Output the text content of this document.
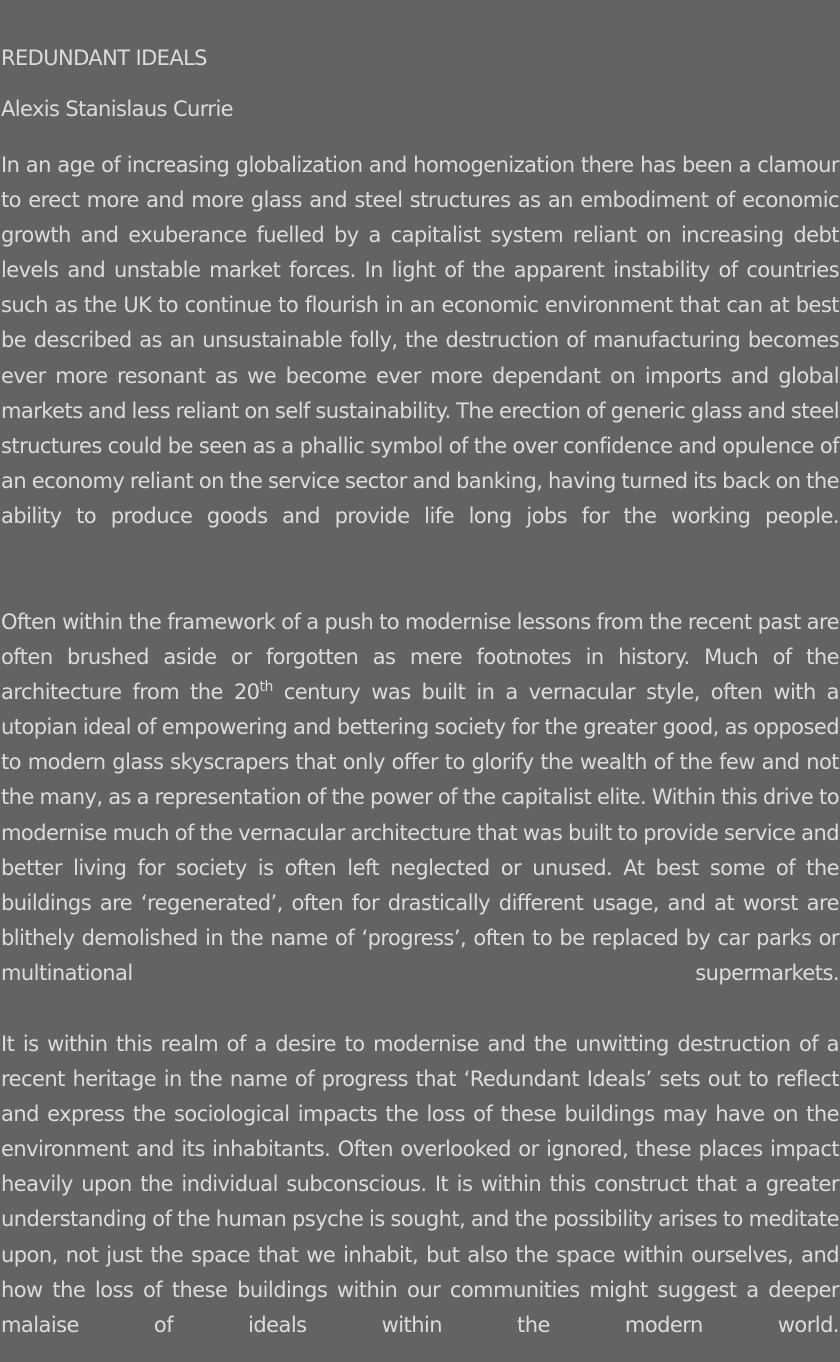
REDUNDANT IDEALS
Alexis Stanislaus Currie

In an age of increasing globalization and homogenization there has been a clamour to erect more and more glass and steel structures as an embodiment of economic growth and exuberance fuelled by a capitalist system reliant on increasing debt levels and unstable market forces. In light of the apparent instability of countries such as the UK to continue to flourish in an economic environment that can at best be described as an unsustainable folly, the destruction of manufacturing becomes ever more resonant as we become ever more dependant on imports and global markets and less reliant on self sustainability. The erection of generic glass and steel structures could be seen as a phallic symbol of the over confidence and opulence of an economy reliant on the service sector and banking, having turned its back on the ability to produce goods and provide life long jobs for the working people.

Often within the framework of a push to modernise lessons from the recent past are often brushed aside or forgotten as mere footnotes in history. Much of the architecture from the 20th century was built in a vernacular style, often with a utopian ideal of empowering and bettering society for the greater good, as opposed to modern glass skyscrapers that only offer to glorify the wealth of the few and not the many, as a representation of the power of the capitalist elite. Within this drive to modernise much of the vernacular architecture that was built to provide service and better living for society is often left neglected or unused. At best some of the buildings are ‘regenerated’, often for drastically different usage, and at worst are blithely demolished in the name of ‘progress’, often to be replaced by car parks or multinational supermarkets.

It is within this realm of a desire to modernise and the unwitting destruction of a recent heritage in the name of progress that ‘Redundant Ideals’ sets out to reflect and express the sociological impacts the loss of these buildings may have on the environment and its inhabitants. Often overlooked or ignored, these places impact heavily upon the individual subconscious. It is within this construct that a greater understanding of the human psyche is sought, and the possibility arises to meditate upon, not just the space that we inhabit, but also the space within ourselves, and how the loss of these buildings within our communities might suggest a deeper malaise of ideals within the modern world.
